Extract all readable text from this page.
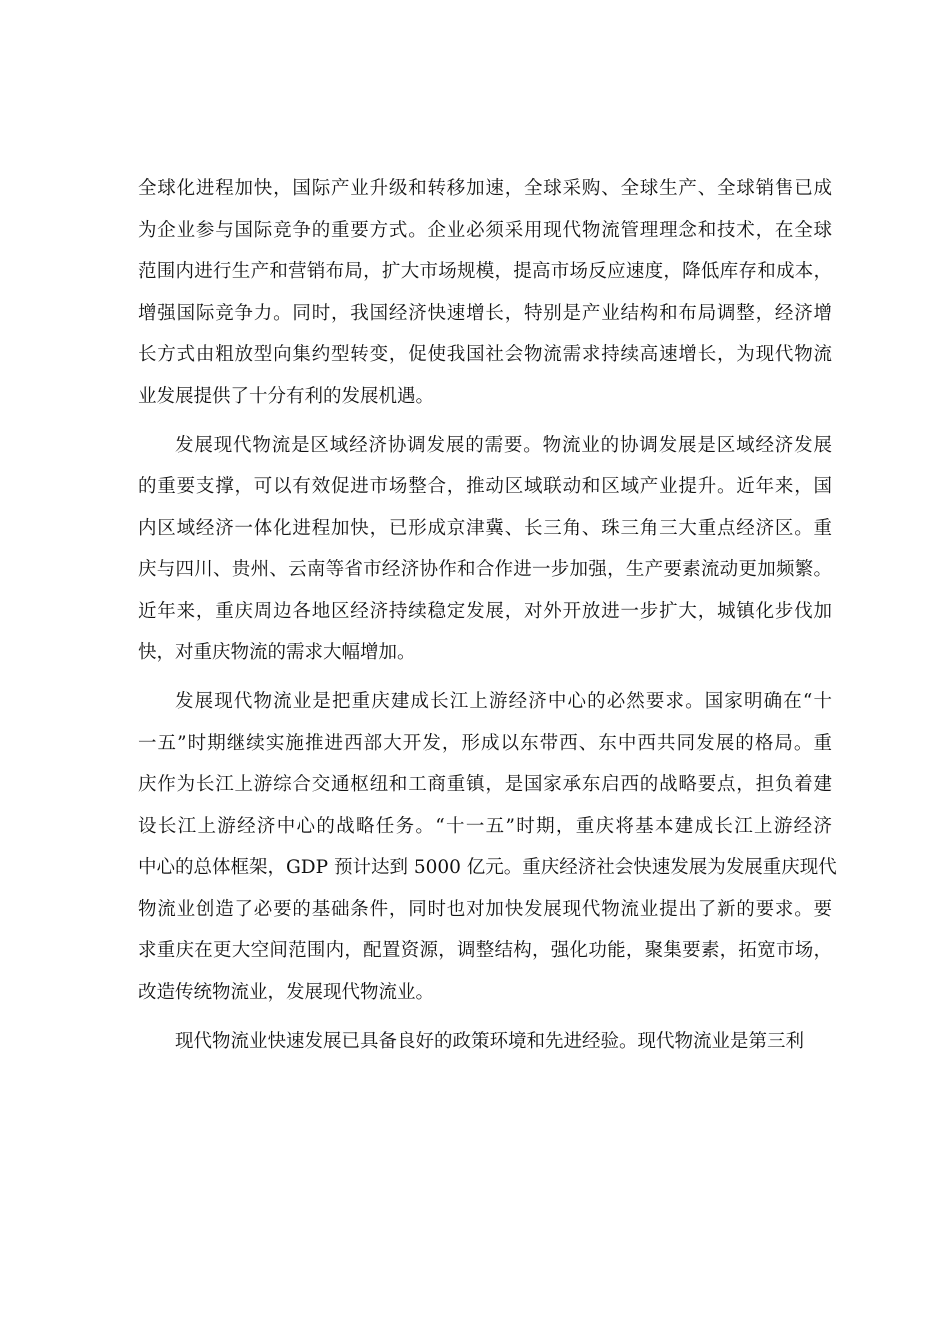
全球化进程加快，国际产业升级和转移加速，全球采购、全球生产、全球销售已成
为企业参与国际竞争的重要方式。企业必须采用现代物流管理理念和技术，在全球
范围内进行生产和营销布局，扩大市场规模，提高市场反应速度，降低库存和成本，
增强国际竞争力。同时，我国经济快速增长，特别是产业结构和布局调整，经济增
长方式由粗放型向集约型转变，促使我国社会物流需求持续高速增长，为现代物流
业发展提供了十分有利的发展机遇。
发展现代物流是区域经济协调发展的需要。物流业的协调发展是区域经济发展
的重要支撑，可以有效促进市场整合，推动区域联动和区域产业提升。近年来，国
内区域经济一体化进程加快，已形成京津冀、长三角、珠三角三大重点经济区。重
庆与四川、贵州、云南等省市经济协作和合作进一步加强，生产要素流动更加频繁。
近年来，重庆周边各地区经济持续稳定发展，对外开放进一步扩大，城镇化步伐加
快，对重庆物流的需求大幅增加。
发展现代物流业是把重庆建成长江上游经济中心的必然要求。国家明确在“十
一五”时期继续实施推进西部大开发，形成以东带西、东中西共同发展的格局。重
庆作为长江上游综合交通枢纽和工商重镇，是国家承东启西的战略要点，担负着建
设长江上游经济中心的战略任务。“十一五”时期，重庆将基本建成长江上游经济
中心的总体框架，GDP 预计达到 5000 亿元。重庆经济社会快速发展为发展重庆现代
物流业创造了必要的基础条件，同时也对加快发展现代物流业提出了新的要求。要
求重庆在更大空间范围内，配置资源，调整结构，强化功能，聚集要素，拓宽市场，
改造传统物流业，发展现代物流业。
现代物流业快速发展已具备良好的政策环境和先进经验。现代物流业是第三利
